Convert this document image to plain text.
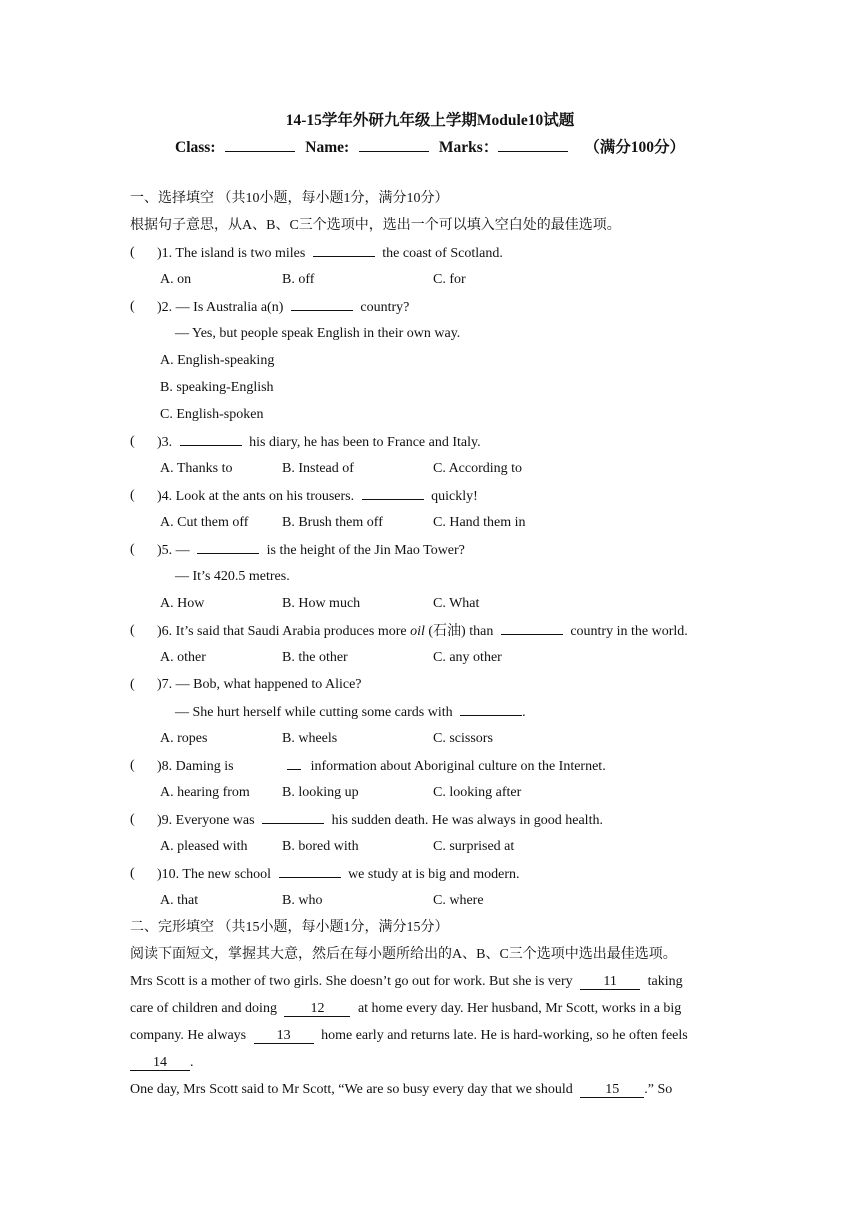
14-15学年外研九年级上学期Module10试题
Class:	Name:	Marks：	（满分100分）
一、选择填空 （共10小题，每小题1分，满分10分）
根据句子意思，从A、B、C三个选项中，选出一个可以填入空白处的最佳选项。
( )1. The island is two miles	the coast of Scotland.
A. on	B. off	C. for
( )2. — Is Australia a(n)	country?
— Yes, but people speak English in their own way.
A. English-speaking
B. speaking-English
C. English-spoken
( )3.	his diary, he has been to France and Italy.
A. Thanks to	B. Instead of	C. According to
( )4. Look at the ants on his trousers.	quickly!
A. Cut them off B. Brush them off	C. Hand them in
( )5. —	is the height of the Jin Mao Tower?
— It’s 420.5 metres.
A. How	B. How much	C. What
( )6. It’s said that Saudi Arabia produces more oil (石油) than	country in the world.
A. other	B. the other	C. any other
( )7. — Bob, what happened to Alice?
— She hurt herself while cutting some cards with	.
A. ropes	B. wheels	C. scissors
( )8. Daming is	information about Aboriginal culture on the Internet.
A. hearing from B. looking up	C. looking after
( )9. Everyone was	his sudden death. He was always in good health.
A. pleased with B. bored with	C. surprised at
( )10. The new school	we study at is big and modern.
A. that	B. who	C. where
二、完形填空 （共15小题，每小题1分，满分15分）
阅读下面短文，掌握其大意，然后在每小题所给出的A、B、C三个选项中选出最佳选项。
Mrs Scott is a mother of two girls. She doesn’t go out for work. But she is very 11 taking
care of children and doing 12 at home every day. Her husband, Mr Scott, works in a big
company. He always 13 home early and returns late. He is hard-working, so he often feels
14 .
One day, Mrs Scott said to Mr Scott, “We are so busy every day that we should 15 .” So
